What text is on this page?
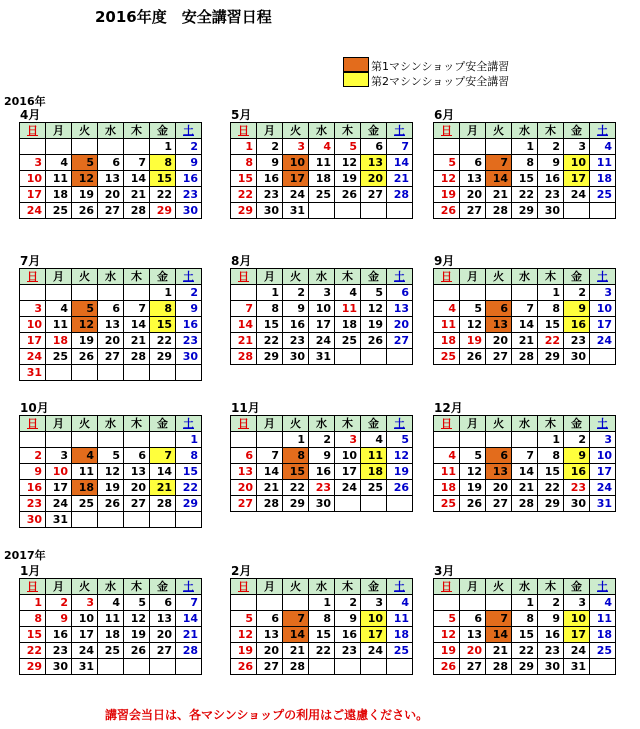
2016年度　安全講習日程
第1マシンショップ安全講習
第2マシンショップ安全講習
2016年
2017年
4月
日	月	火	水	木	金	土
					1	2
3	4	5	6	7	8	9
10	11	12	13	14	15	16
17	18	19	20	21	22	23
24	25	26	27	28	29	30
5月
日	月	火	水	木	金	土
1	2	3	4	5	6	7
8	9	10	11	12	13	14
15	16	17	18	19	20	21
22	23	24	25	26	27	28
29	30	31				
6月
日	月	火	水	木	金	土
			1	2	3	4
5	6	7	8	9	10	11
12	13	14	15	16	17	18
19	20	21	22	23	24	25
26	27	28	29	30		
7月
日	月	火	水	木	金	土
					1	2
3	4	5	6	7	8	9
10	11	12	13	14	15	16
17	18	19	20	21	22	23
24	25	26	27	28	29	30
31						
8月
日	月	火	水	木	金	土
	1	2	3	4	5	6
7	8	9	10	11	12	13
14	15	16	17	18	19	20
21	22	23	24	25	26	27
28	29	30	31			
9月
日	月	火	水	木	金	土
				1	2	3
4	5	6	7	8	9	10
11	12	13	14	15	16	17
18	19	20	21	22	23	24
25	26	27	28	29	30	
10月
日	月	火	水	木	金	土
						1
2	3	4	5	6	7	8
9	10	11	12	13	14	15
16	17	18	19	20	21	22
23	24	25	26	27	28	29
30	31					
11月
日	月	火	水	木	金	土
		1	2	3	4	5
6	7	8	9	10	11	12
13	14	15	16	17	18	19
20	21	22	23	24	25	26
27	28	29	30			
12月
日	月	火	水	木	金	土
				1	2	3
4	5	6	7	8	9	10
11	12	13	14	15	16	17
18	19	20	21	22	23	24
25	26	27	28	29	30	31
1月
日	月	火	水	木	金	土
1	2	3	4	5	6	7
8	9	10	11	12	13	14
15	16	17	18	19	20	21
22	23	24	25	26	27	28
29	30	31				
2月
日	月	火	水	木	金	土
			1	2	3	4
5	6	7	8	9	10	11
12	13	14	15	16	17	18
19	20	21	22	23	24	25
26	27	28				
3月
日	月	火	水	木	金	土
			1	2	3	4
5	6	7	8	9	10	11
12	13	14	15	16	17	18
19	20	21	22	23	24	25
26	27	28	29	30	31	
講習会当日は、各マシンショップの利用はご遠慮ください。
